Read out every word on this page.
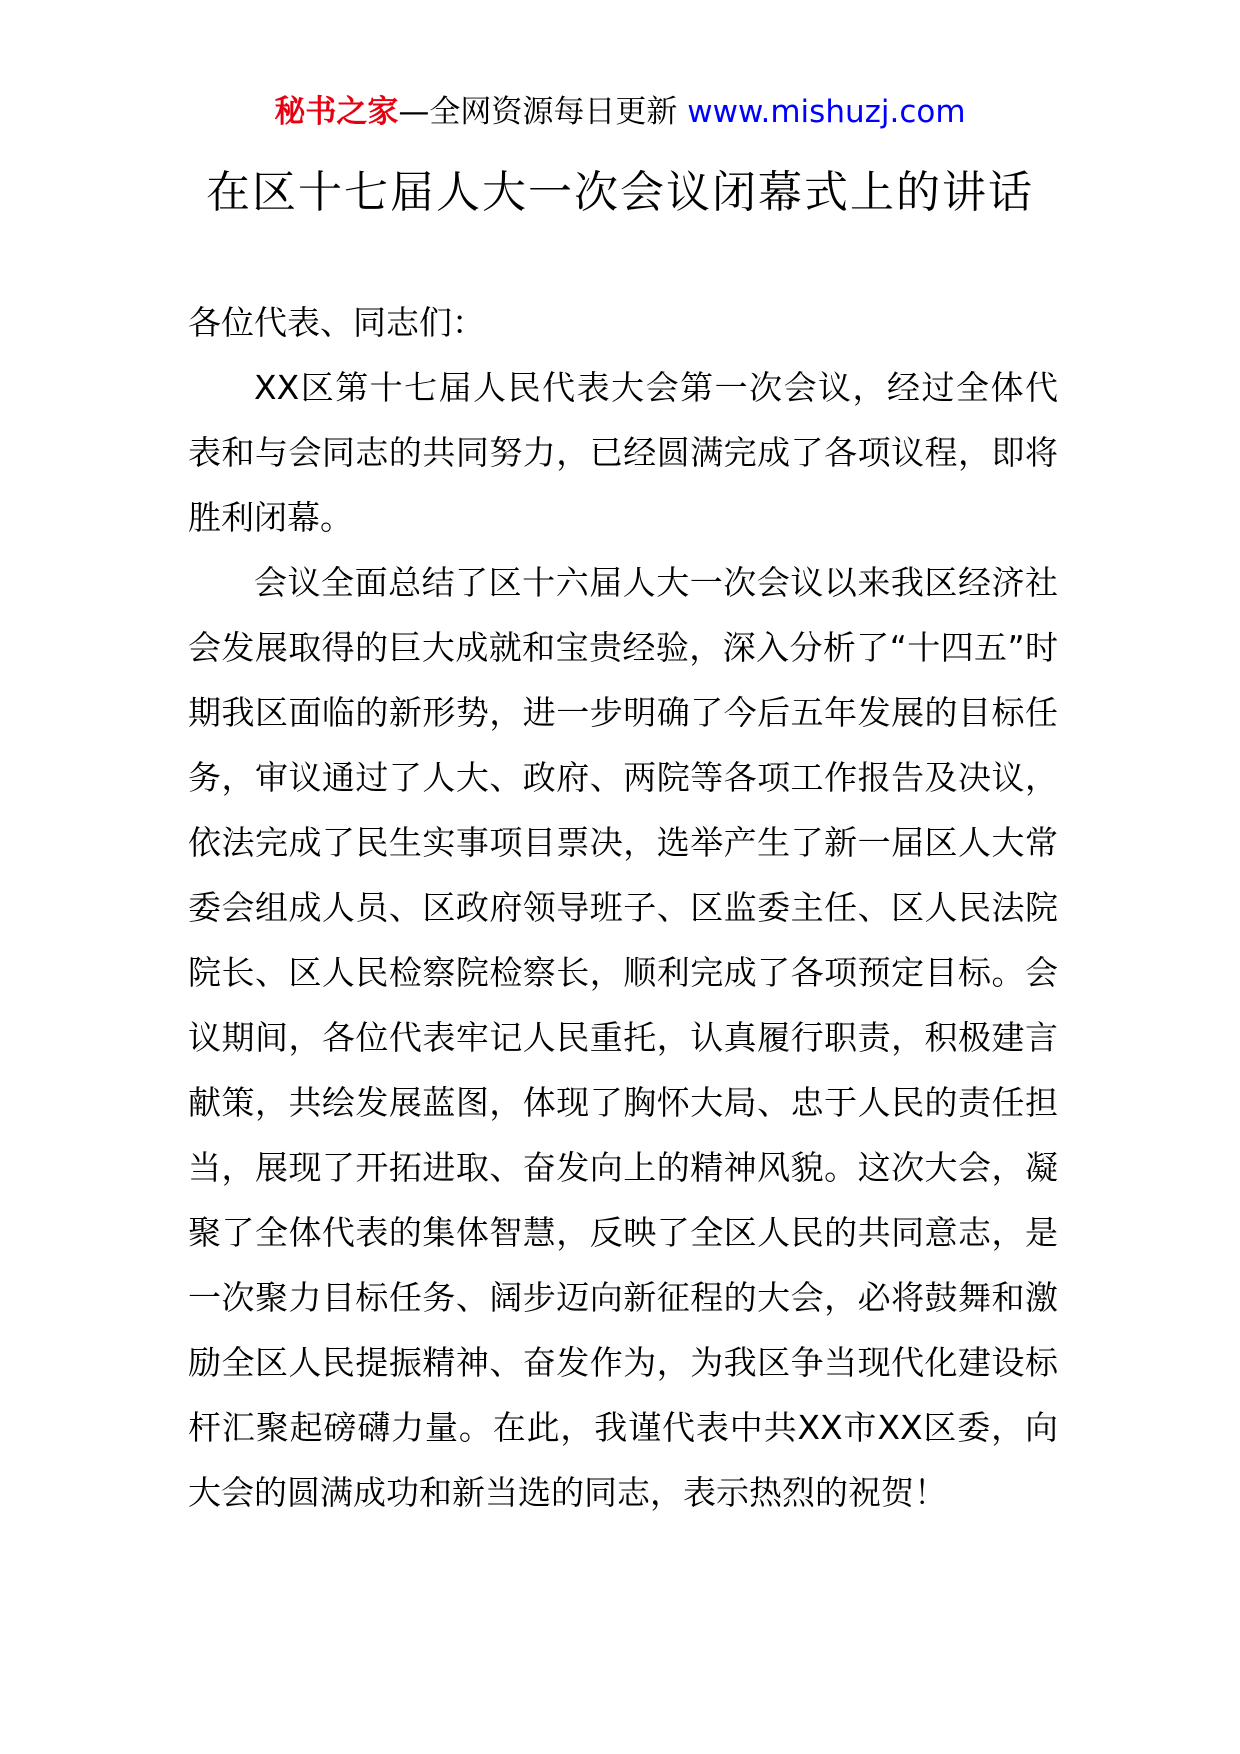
秘书之家—全网资源每日更新 www.mishuzj.com
在区十七届人大一次会议闭幕式上的讲话

各位代表、同志们：

XX区第十七届人民代表大会第一次会议，经过全体代表和与会同志的共同努力，已经圆满完成了各项议程，即将胜利闭幕。

会议全面总结了区十六届人大一次会议以来我区经济社会发展取得的巨大成就和宝贵经验，深入分析了“十四五”时期我区面临的新形势，进一步明确了今后五年发展的目标任务，审议通过了人大、政府、两院等各项工作报告及决议，依法完成了民生实事项目票决，选举产生了新一届区人大常委会组成人员、区政府领导班子、区监委主任、区人民法院院长、区人民检察院检察长，顺利完成了各项预定目标。会议期间，各位代表牢记人民重托，认真履行职责，积极建言献策，共绘发展蓝图，体现了胸怀大局、忠于人民的责任担当，展现了开拓进取、奋发向上的精神风貌。这次大会，凝聚了全体代表的集体智慧，反映了全区人民的共同意志，是一次聚力目标任务、阔步迈向新征程的大会，必将鼓舞和激励全区人民提振精神、奋发作为，为我区争当现代化建设标杆汇聚起磅礴力量。在此，我谨代表中共XX市XX区委，向大会的圆满成功和新当选的同志，表示热烈的祝贺！
